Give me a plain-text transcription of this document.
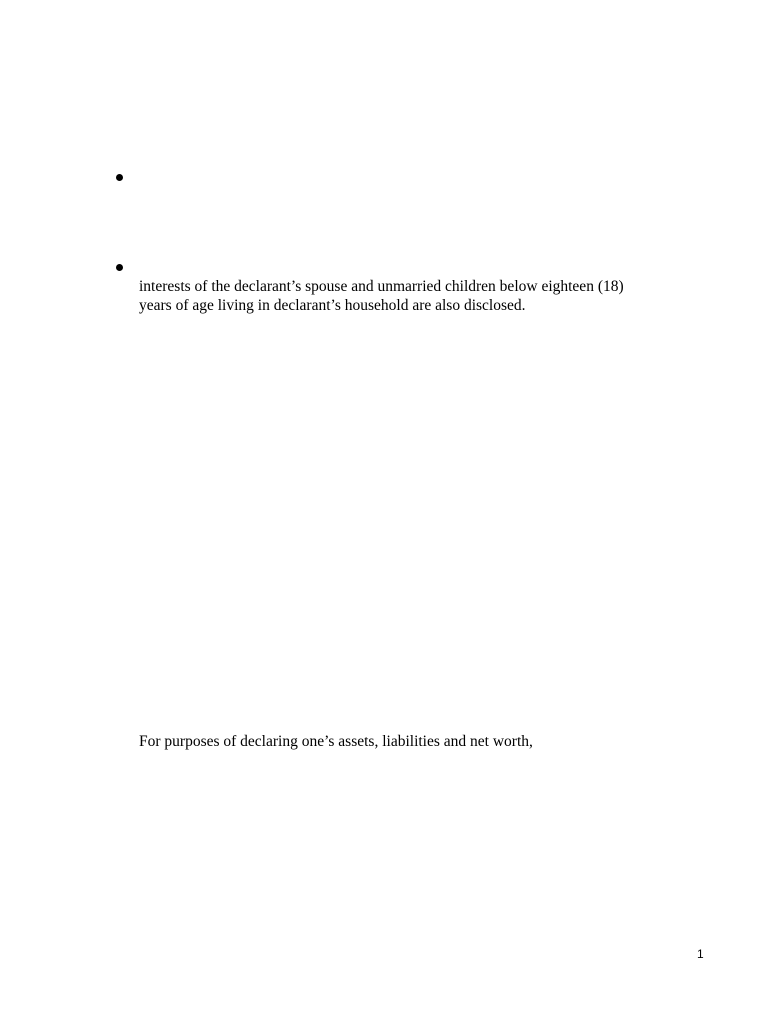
interests of the declarant’s spouse and unmarried children below eighteen (18)
years of age living in declarant’s household are also disclosed.
For purposes of declaring one’s assets, liabilities and net worth,
1
